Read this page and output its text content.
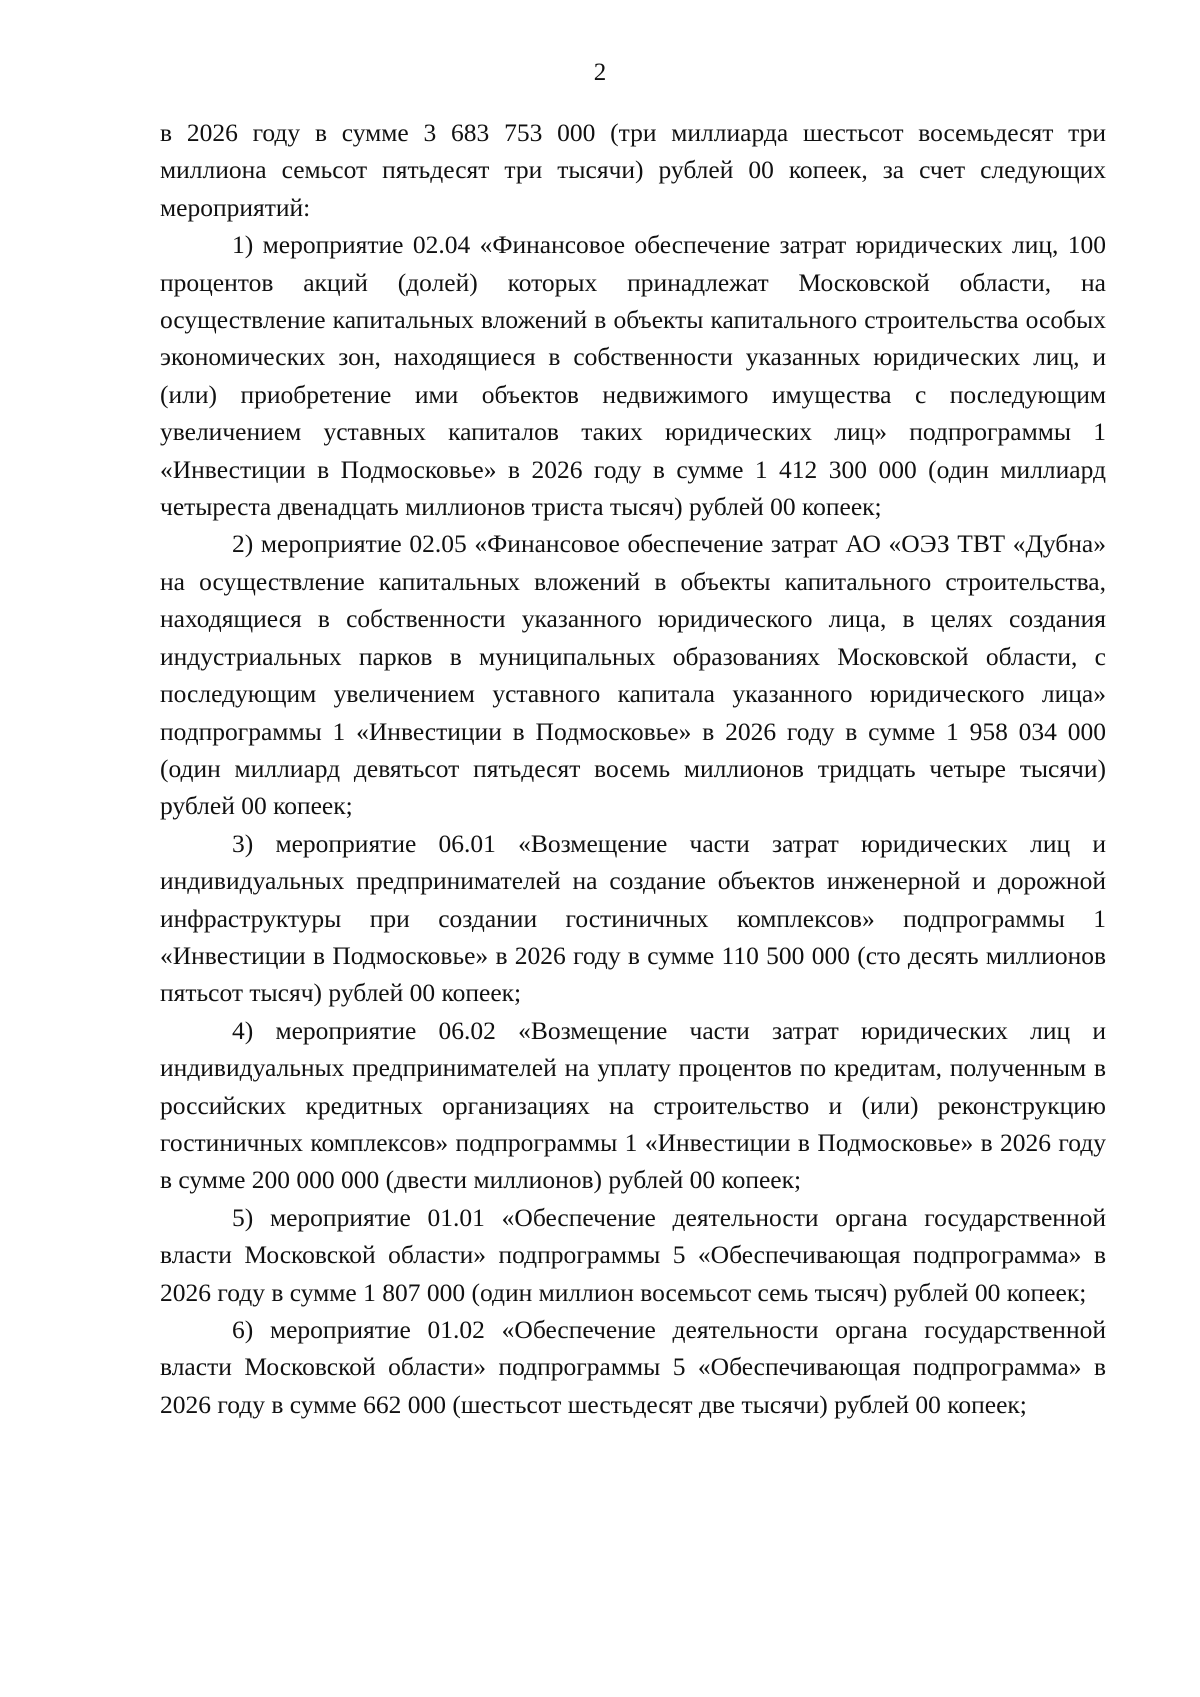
2

в 2026 году в сумме 3 683 753 000 (три миллиарда шестьсот восемьдесят три миллиона семьсот пятьдесят три тысячи) рублей 00 копеек, за счет следующих мероприятий:

1) мероприятие 02.04 «Финансовое обеспечение затрат юридических лиц, 100 процентов акций (долей) которых принадлежат Московской области, на осуществление капитальных вложений в объекты капитального строительства особых экономических зон, находящиеся в собственности указанных юридических лиц, и (или) приобретение ими объектов недвижимого имущества с последующим увеличением уставных капиталов таких юридических лиц» подпрограммы 1 «Инвестиции в Подмосковье» в 2026 году в сумме 1 412 300 000 (один миллиард четыреста двенадцать миллионов триста тысяч) рублей 00 копеек;

2) мероприятие 02.05 «Финансовое обеспечение затрат АО «ОЭЗ ТВТ «Дубна» на осуществление капитальных вложений в объекты капитального строительства, находящиеся в собственности указанного юридического лица, в целях создания индустриальных парков в муниципальных образованиях Московской области, с последующим увеличением уставного капитала указанного юридического лица» подпрограммы 1 «Инвестиции в Подмосковье» в 2026 году в сумме 1 958 034 000 (один миллиард девятьсот пятьдесят восемь миллионов тридцать четыре тысячи) рублей 00 копеек;

3) мероприятие 06.01 «Возмещение части затрат юридических лиц и индивидуальных предпринимателей на создание объектов инженерной и дорожной инфраструктуры при создании гостиничных комплексов» подпрограммы 1 «Инвестиции в Подмосковье» в 2026 году в сумме 110 500 000 (сто десять миллионов пятьсот тысяч) рублей 00 копеек;

4) мероприятие 06.02 «Возмещение части затрат юридических лиц и индивидуальных предпринимателей на уплату процентов по кредитам, полученным в российских кредитных организациях на строительство и (или) реконструкцию гостиничных комплексов» подпрограммы 1 «Инвестиции в Подмосковье» в 2026 году в сумме 200 000 000 (двести миллионов) рублей 00 копеек;

5) мероприятие 01.01 «Обеспечение деятельности органа государственной власти Московской области» подпрограммы 5 «Обеспечивающая подпрограмма» в 2026 году в сумме 1 807 000 (один миллион восемьсот семь тысяч) рублей 00 копеек;

6) мероприятие 01.02 «Обеспечение деятельности органа государственной власти Московской области» подпрограммы 5 «Обеспечивающая подпрограмма» в 2026 году в сумме 662 000 (шестьсот шестьдесят две тысячи) рублей 00 копеек;
